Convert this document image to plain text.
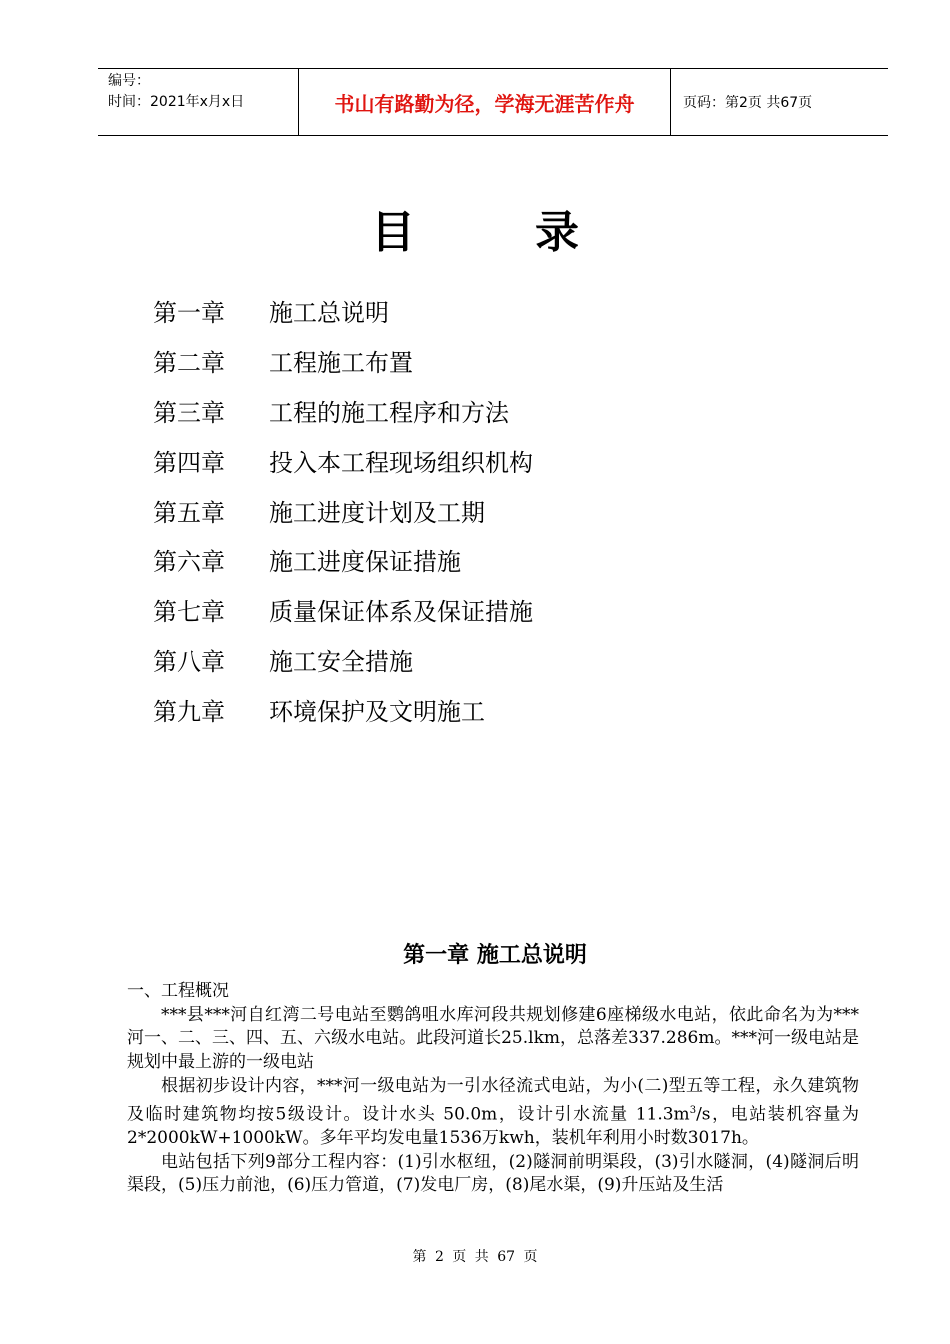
编号：
时间：2021年x月x日	书山有路勤为径，学海无涯苦作舟	页码：第2页 共67页
目录
第一章	施工总说明
第二章	工程施工布置
第三章	工程的施工程序和方法
第四章	投入本工程现场组织机构
第五章	施工进度计划及工期
第六章	施工进度保证措施
第七章	质量保证体系及保证措施
第八章	施工安全措施
第九章	环境保护及文明施工
第一章 施工总说明

一、工程概况

***县***河自红湾二号电站至鹦鸽咀水库河段共规划修建6座梯级水电站，依此命名为为***河一、二、三、四、五、六级水电站。此段河道长25.lkm，总落差337.286m。***河一级电站是规划中最上游的一级电站

根据初步设计内容，***河一级电站为一引水径流式电站，为小(二)型五等工程，永久建筑物及临时建筑物均按5级设计。设计水头 50.0m，设计引水流量 $11.3m^3/s$，电站装机容量为2*2000kW+1000kW。多年平均发电量1536万kwh，装机年利用小时数3017h。

电站包括下列9部分工程内容：(1)引水枢纽，(2)隧洞前明渠段，(3)引水隧洞，(4)隧洞后明渠段，(5)压力前池，(6)压力管道，(7)发电厂房，(8)尾水渠，(9)升压站及生活

第 2 页 共 67 页
